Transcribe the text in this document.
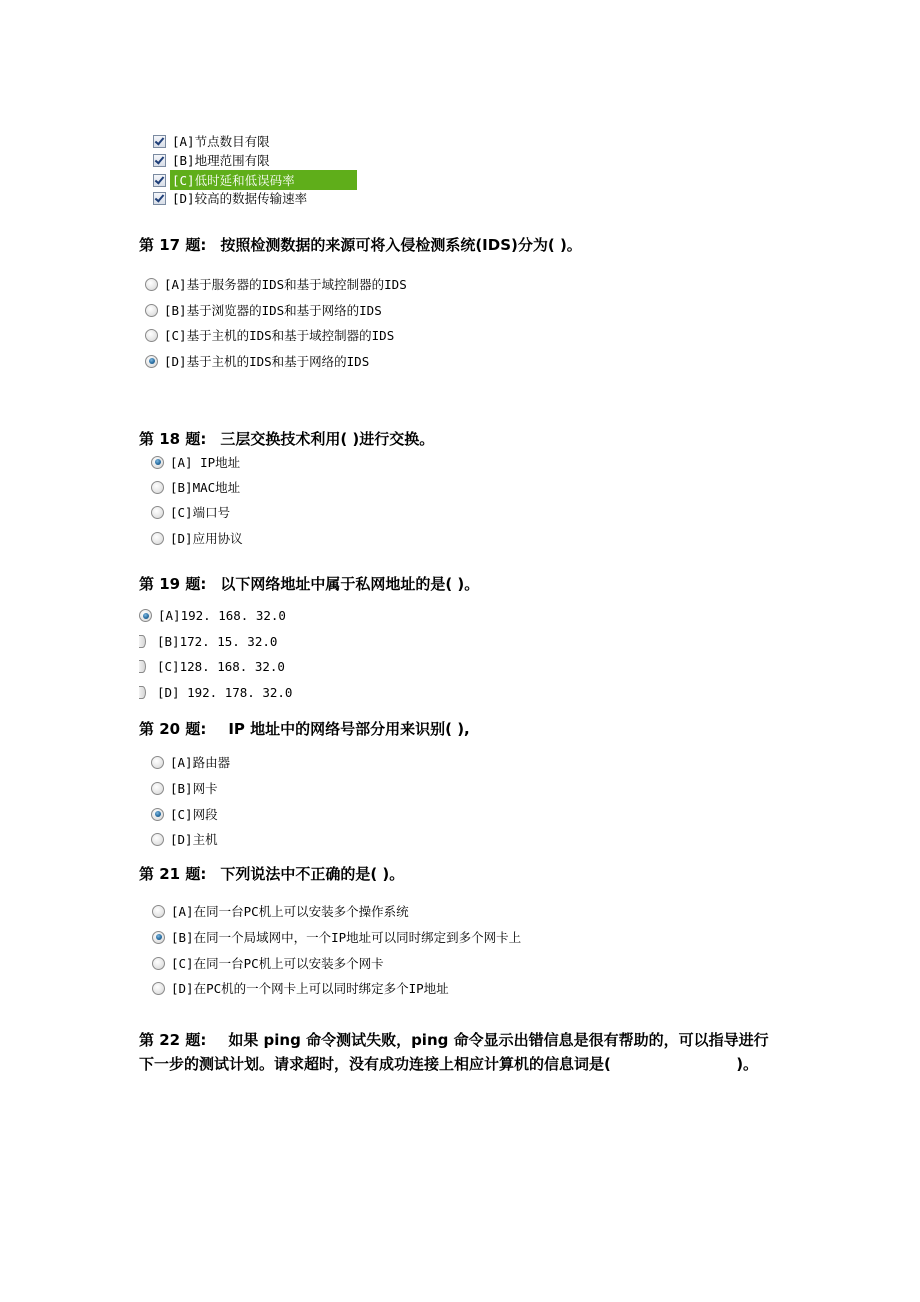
[A]节点数目有限
[B]地理范围有限
[C]低时延和低误码率
[D]较高的数据传输速率
第 17 题: 按照检测数据的来源可将入侵检测系统(IDS)分为( )。
[A]基于服务器的IDS和基于域控制器的IDS
[B]基于浏览器的IDS和基于网络的IDS
[C]基于主机的IDS和基于域控制器的IDS
[D]基于主机的IDS和基于网络的IDS
第 18 题: 三层交换技术利用( )进行交换。
[A] IP地址
[B]MAC地址
[C]端口号
[D]应用协议
第 19 题: 以下网络地址中属于私网地址的是( )。
[A]192. 168. 32.0
[B]172. 15. 32.0
[C]128. 168. 32.0
[D] 192. 178. 32.0
第 20 题: IP 地址中的网络号部分用来识别( ),
[A]路由器
[B]网卡
[C]网段
[D]主机
第 21 题: 下列说法中不正确的是( )。
[A]在同一台PC机上可以安装多个操作系统
[B]在同一个局域网中，一个IP地址可以同时绑定到多个网卡上
[C]在同一台PC机上可以安装多个网卡
[D]在PC机的一个网卡上可以同时绑定多个IP地址
第 22 题: 如果 ping 命令测试失败，ping 命令显示出错信息是很有帮助的，可以指导进行
下一步的测试计划。请求超时，没有成功连接上相应计算机的信息词是(                        )。
